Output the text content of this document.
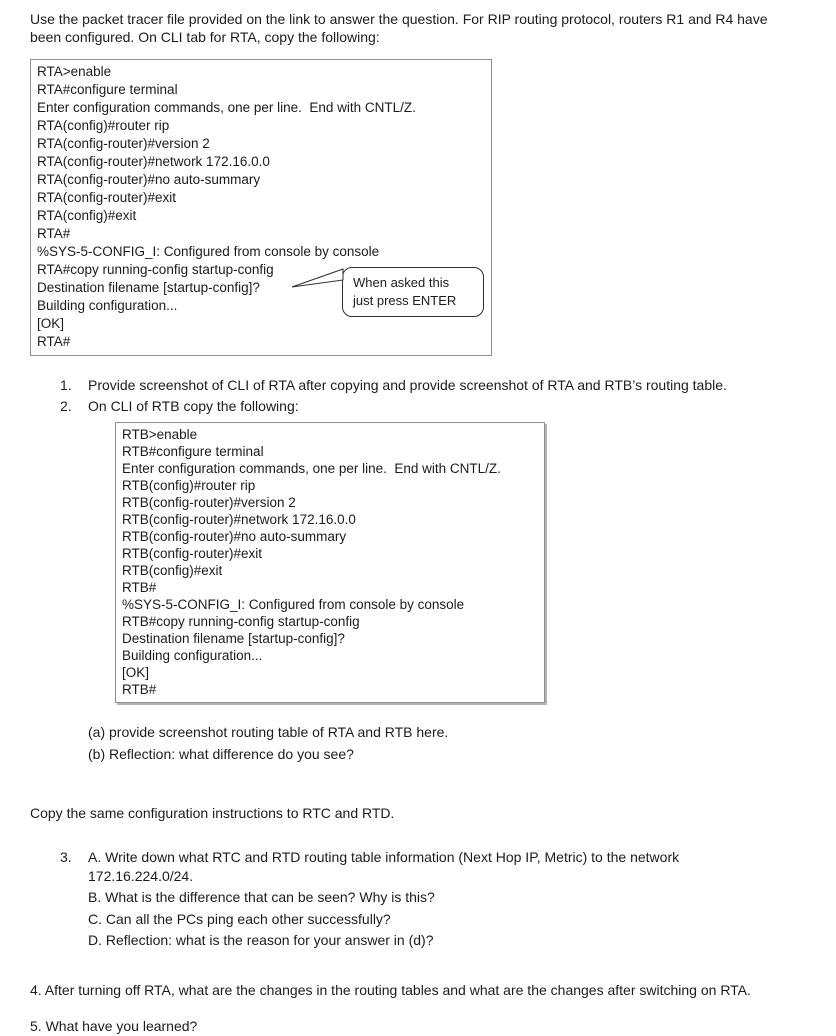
Use the packet tracer file provided on the link to answer the question. For RIP routing protocol, routers R1 and R4 have been configured. On CLI tab for RTA, copy the following:

RTA>enable
RTA#configure terminal
Enter configuration commands, one per line.  End with CNTL/Z.
RTA(config)#router rip
RTA(config-router)#version 2
RTA(config-router)#network 172.16.0.0
RTA(config-router)#no auto-summary
RTA(config-router)#exit
RTA(config)#exit
RTA#
%SYS-5-CONFIG_I: Configured from console by console
RTA#copy running-config startup-config
Destination filename [startup-config]?
Building configuration...
[OK]
RTA#
When asked this
just press ENTER
1.	Provide screenshot of CLI of RTA after copying and provide screenshot of RTA and RTB’s routing table.
2.	On CLI of RTB copy the following:
RTB>enable
RTB#configure terminal
Enter configuration commands, one per line.  End with CNTL/Z.
RTB(config)#router rip
RTB(config-router)#version 2
RTB(config-router)#network 172.16.0.0
RTB(config-router)#no auto-summary
RTB(config-router)#exit
RTB(config)#exit
RTB#
%SYS-5-CONFIG_I: Configured from console by console
RTB#copy running-config startup-config
Destination filename [startup-config]?
Building configuration...
[OK]
RTB#

(a) provide screenshot routing table of RTA and RTB here.

(b) Reflection: what difference do you see?

Copy the same configuration instructions to RTC and RTD.

3.	A. Write down what RTC and RTD routing table information (Next Hop IP, Metric) to the network 172.16.224.0/24.
B. What is the difference that can be seen? Why is this?
C. Can all the PCs ping each other successfully?
D. Reflection: what is the reason for your answer in (d)?

4. After turning off RTA, what are the changes in the routing tables and what are the changes after switching on RTA.

5. What have you learned?
